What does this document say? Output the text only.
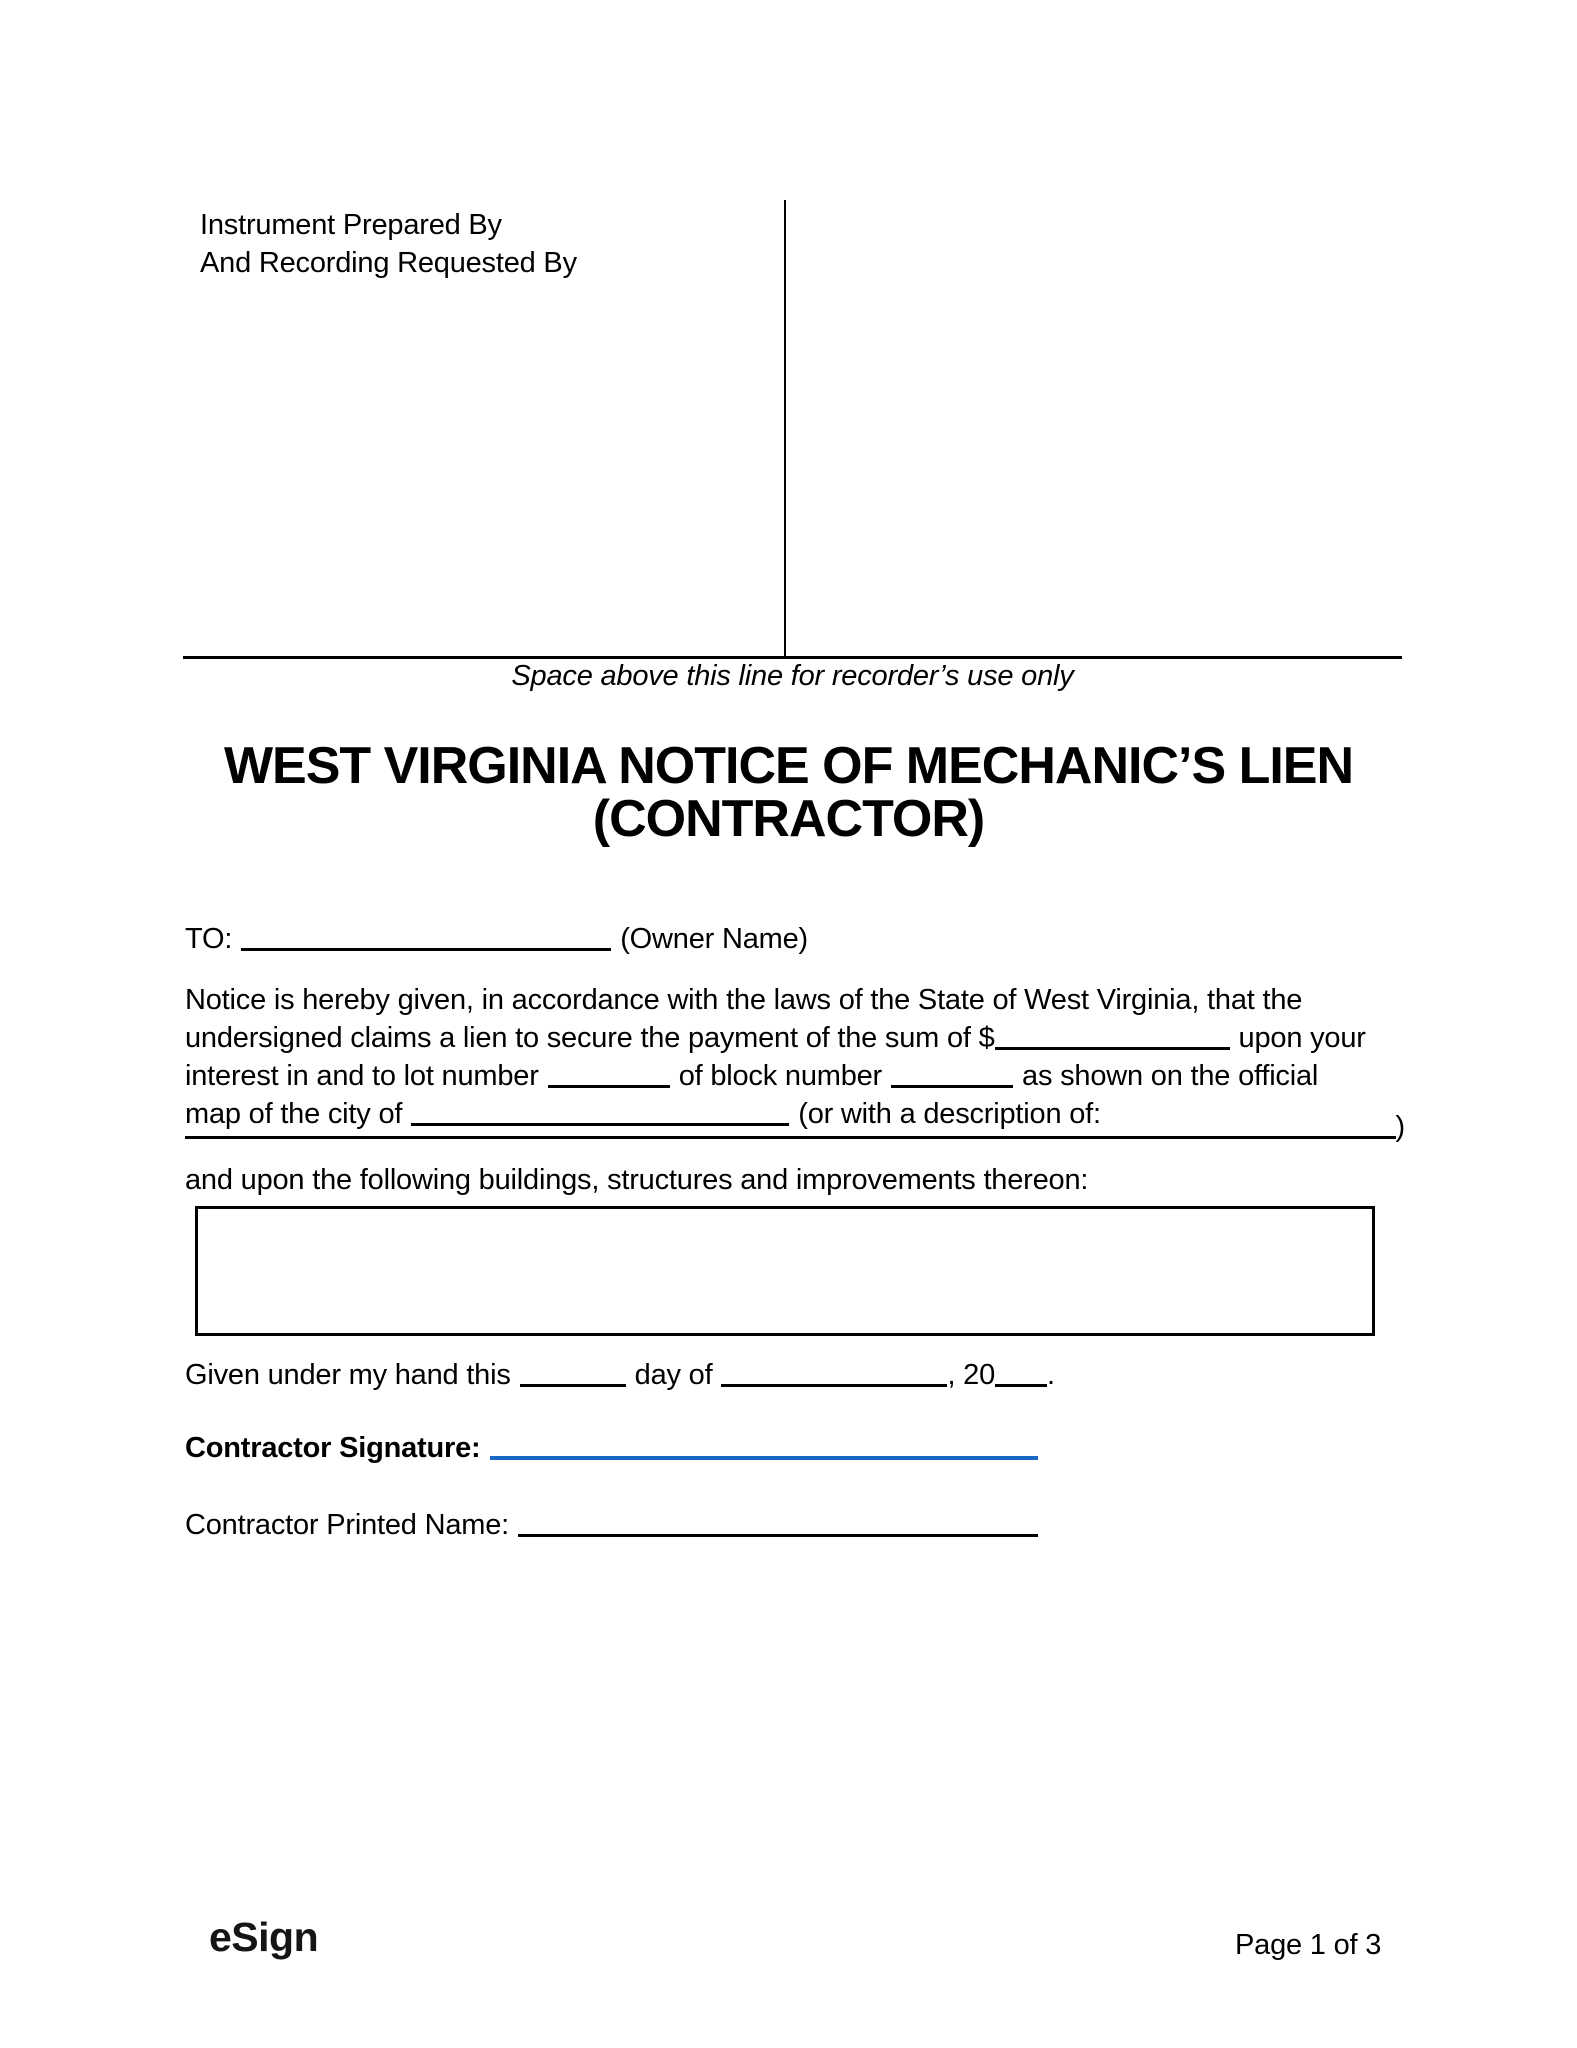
Instrument Prepared By
And Recording Requested By
Space above this line for recorder’s use only
WEST VIRGINIA NOTICE OF MECHANIC’S LIEN
(CONTRACTOR)
TO:	(Owner Name)
Notice is hereby given, in accordance with the laws of the State of West Virginia, that the
undersigned claims a lien to secure the payment of the sum of $	upon your
interest in and to lot number	of block number	as shown on the official
map of the city of	(or with a description of:	)
and upon the following buildings, structures and improvements thereon:
Given under my hand this	day of	, 20 .
Contractor Signature:
Contractor Printed Name:
eSign	Page 1 of 3
